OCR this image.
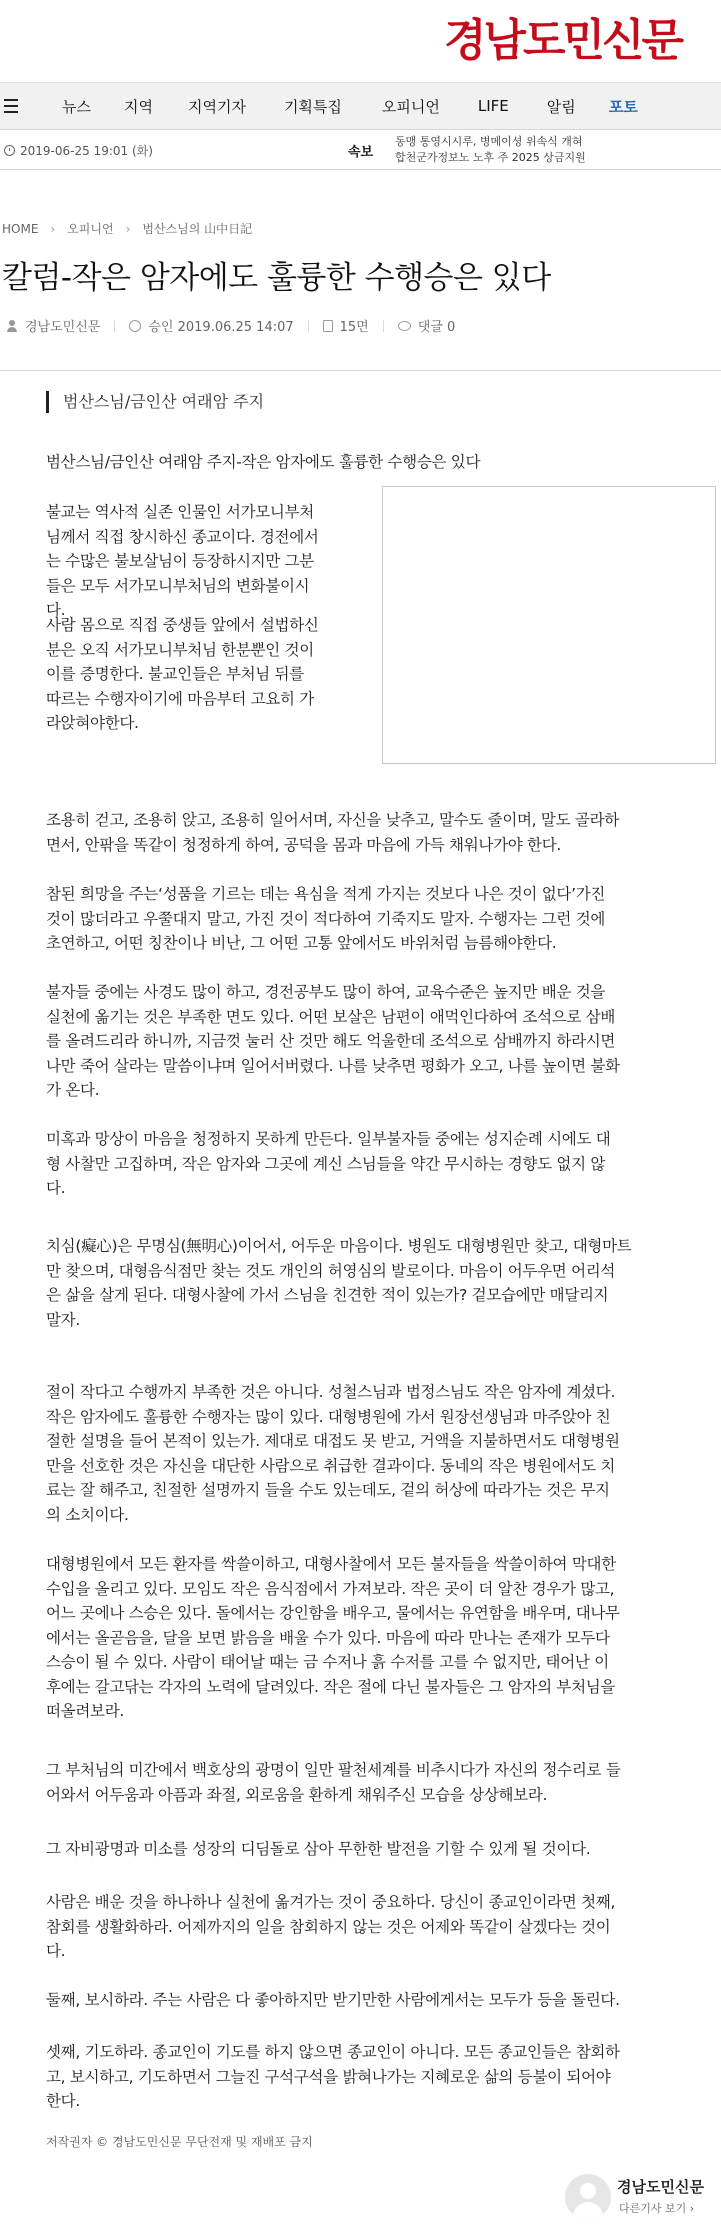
경남도민신문
뉴스 지역 지역기자	기획특집	오피니언	LIFE	알림 포토
2019-06-25 19:01 (화)	속보
동맹 통영시시루, 병메이셩 위속식 개혀
합천군가정보노 노후 주 2025 상금지원
HOME › 오피니언 › 범산스님의 山中日記
칼럼-작은 암자에도 훌륭한 수행승은 있다
경남도민신문	승인 2019.06.25 14:07	15면	댓글 0
범산스님/금인산 여래암 주지
범산스님/금인산 여래암 주지-작은 암자에도 훌륭한 수행승은 있다
불교는 역사적 실존 인물인 서가모니부처
님께서 직접 창시하신 종교이다. 경전에서
는 수많은 불보살님이 등장하시지만 그분
들은 모두 서가모니부처님의 변화불이시
다.
사람 몸으로 직접 중생들 앞에서 설법하신
분은 오직 서가모니부처님 한분뿐인 것이
이를 증명한다. 불교인들은 부처님 뒤를
따르는 수행자이기에 마음부터 고요히 가
라앉혀야한다.
조용히 걷고, 조용히 앉고, 조용히 일어서며, 자신을 낮추고, 말수도 줄이며, 말도 골라하
면서, 안팎을 똑같이 청정하게 하여, 공덕을 몸과 마음에 가득 채워나가야 한다.
참된 희망을 주는‘성품을 기르는 데는 욕심을 적게 가지는 것보다 나은 것이 없다’가진
것이 많더라고 우쭐대지 말고, 가진 것이 적다하여 기죽지도 말자. 수행자는 그런 것에
초연하고, 어떤 칭찬이나 비난, 그 어떤 고통 앞에서도 바위처럼 늠름해야한다.
불자들 중에는 사경도 많이 하고, 경전공부도 많이 하여, 교육수준은 높지만 배운 것을
실천에 옮기는 것은 부족한 면도 있다. 어떤 보살은 남편이 애먹인다하여 조석으로 삼배
를 올려드리라 하니까, 지금껏 눌러 산 것만 해도 억울한데 조석으로 삼배까지 하라시면
나만 죽어 살라는 말씀이냐며 일어서버렸다. 나를 낮추면 평화가 오고, 나를 높이면 불화
가 온다.
미혹과 망상이 마음을 청정하지 못하게 만든다. 일부불자들 중에는 성지순례 시에도 대
형 사찰만 고집하며, 작은 암자와 그곳에 계신 스님들을 약간 무시하는 경향도 없지 않
다.
치심(癡心)은 무명심(無明心)이어서, 어두운 마음이다. 병원도 대형병원만 찾고, 대형마트
만 찾으며, 대형음식점만 찾는 것도 개인의 허영심의 발로이다. 마음이 어두우면 어리석
은 삶을 살게 된다. 대형사찰에 가서 스님을 친견한 적이 있는가? 겉모습에만 매달리지
말자.
절이 작다고 수행까지 부족한 것은 아니다. 성철스님과 법정스님도 작은 암자에 계셨다.
작은 암자에도 훌륭한 수행자는 많이 있다. 대형병원에 가서 원장선생님과 마주앉아 친
절한 설명을 들어 본적이 있는가. 제대로 대접도 못 받고, 거액을 지불하면서도 대형병원
만을 선호한 것은 자신을 대단한 사람으로 취급한 결과이다. 동네의 작은 병원에서도 치
료는 잘 해주고, 친절한 설명까지 들을 수도 있는데도, 겉의 허상에 따라가는 것은 무지
의 소치이다.
대형병원에서 모든 환자를 싹쓸이하고, 대형사찰에서 모든 불자들을 싹쓸이하여 막대한
수입을 올리고 있다. 모임도 작은 음식점에서 가져보라. 작은 곳이 더 알찬 경우가 많고,
어느 곳에나 스승은 있다. 돌에서는 강인함을 배우고, 물에서는 유연함을 배우며, 대나무
에서는 올곧음을, 달을 보면 밝음을 배울 수가 있다. 마음에 따라 만나는 존재가 모두다
스승이 될 수 있다. 사람이 태어날 때는 금 수저나 흙 수저를 고를 수 없지만, 태어난 이
후에는 갈고닦는 각자의 노력에 달려있다. 작은 절에 다닌 불자들은 그 암자의 부처님을
떠올려보라.
그 부처님의 미간에서 백호상의 광명이 일만 팔천세계를 비추시다가 자신의 정수리로 들
어와서 어두움과 아픔과 좌절, 외로움을 환하게 채워주신 모습을 상상해보라.
그 자비광명과 미소를 성장의 디딤돌로 삼아 무한한 발전을 기할 수 있게 될 것이다.
사람은 배운 것을 하나하나 실천에 옮겨가는 것이 중요하다. 당신이 종교인이라면 첫째,
참회를 생활화하라. 어제까지의 일을 참회하지 않는 것은 어제와 똑같이 살겠다는 것이
다.
둘째, 보시하라. 주는 사람은 다 좋아하지만 받기만한 사람에게서는 모두가 등을 돌린다.
셋째, 기도하라. 종교인이 기도를 하지 않으면 종교인이 아니다. 모든 종교인들은 참회하
고, 보시하고, 기도하면서 그늘진 구석구석을 밝혀나가는 지혜로운 삶의 등불이 되어야
한다.
저작권자 © 경남도민신문 무단전재 및 재배포 금지
경남도민신문
다른기사 보기 ›
